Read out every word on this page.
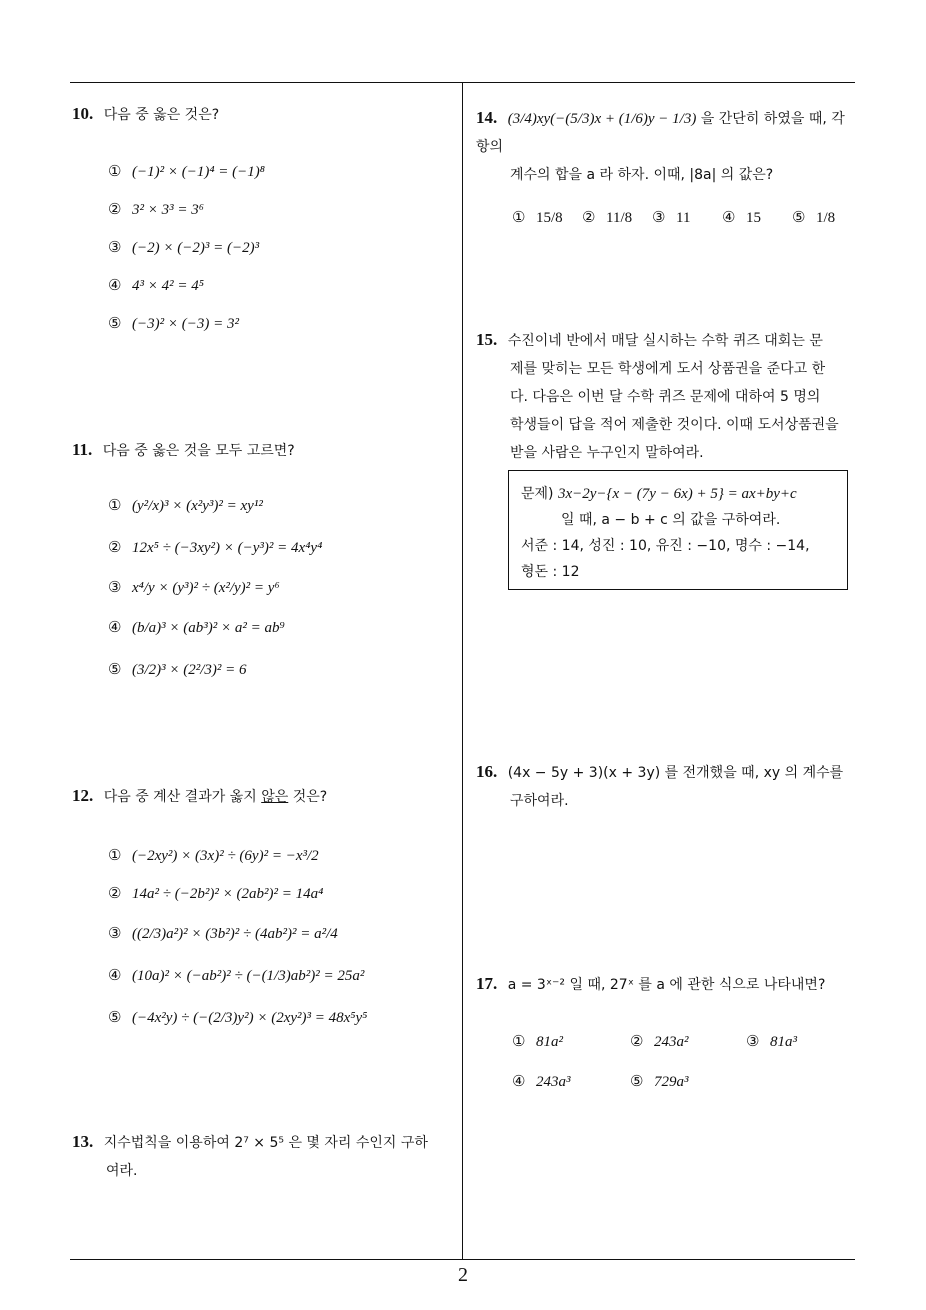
10. 다음 중 옳은 것은?
① (−1)² × (−1)⁴ = (−1)⁸
② 3² × 3³ = 3⁶
③ (−2) × (−2)³ = (−2)³
④ 4³ × 4² = 4⁵
⑤ (−3)² × (−3) = 3²
11. 다음 중 옳은 것을 모두 고르면?
① (y²/x)³ × (x²y³)² = xy¹²
② 12x⁵ ÷ (−3xy²) × (−y³)² = 4x⁴y⁴
③ x⁴/y × (y³)² ÷ (x²/y)² = y⁶
④ (b/a)³ × (ab³)² × a² = ab⁹
⑤ (3/2)³ × (2²/3)² = 6
12. 다음 중 계산 결과가 옳지 않은 것은?
① (−2xy²) × (3x)² ÷ (6y)² = −x³/2
② 14a² ÷ (−2b²)² × (2ab²)² = 14a⁴
③ ((2/3)a²)² × (3b²)² ÷ (4ab²)² = a²/4
④ (10a)² × (−ab²)² ÷ (−(1/3)ab²)² = 25a²
⑤ (−4x²y) ÷ (−(2/3)y²) × (2xy²)³ = 48x⁵y⁵
13. 지수법칙을 이용하여 2⁷ × 5⁵ 은 몇 자리 수인지 구하
여라.
14. (3/4)xy(−(5/3)x + (1/6)y − 1/3) 을 간단히 하였을 때, 각 항의
계수의 합을 a 라 하자. 이때, |8a| 의 값은?
① 15/8 ② 11/8 ③ 11 ④ 15 ⑤ 1/8
15. 수진이네 반에서 매달 실시하는 수학 퀴즈 대회는 문
제를 맞히는 모든 학생에게 도서 상품권을 준다고 한
다. 다음은 이번 달 수학 퀴즈 문제에 대하여 5 명의
학생들이 답을 적어 제출한 것이다. 이때 도서상품권을
받을 사람은 누구인지 말하여라.
문제) 3x−2y−{x − (7y − 6x) + 5} = ax+by+c
일 때, a − b + c 의 값을 구하여라.
서준 : 14, 성진 : 10, 유진 : −10, 명수 : −14,
형돈 : 12
16. (4x − 5y + 3)(x + 3y) 를 전개했을 때, xy 의 계수를
구하여라.
17. a = 3ˣ⁻² 일 때, 27ˣ 를 a 에 관한 식으로 나타내면?
① 81a²	② 243a²	③ 81a³
④ 243a³	⑤ 729a³
2
